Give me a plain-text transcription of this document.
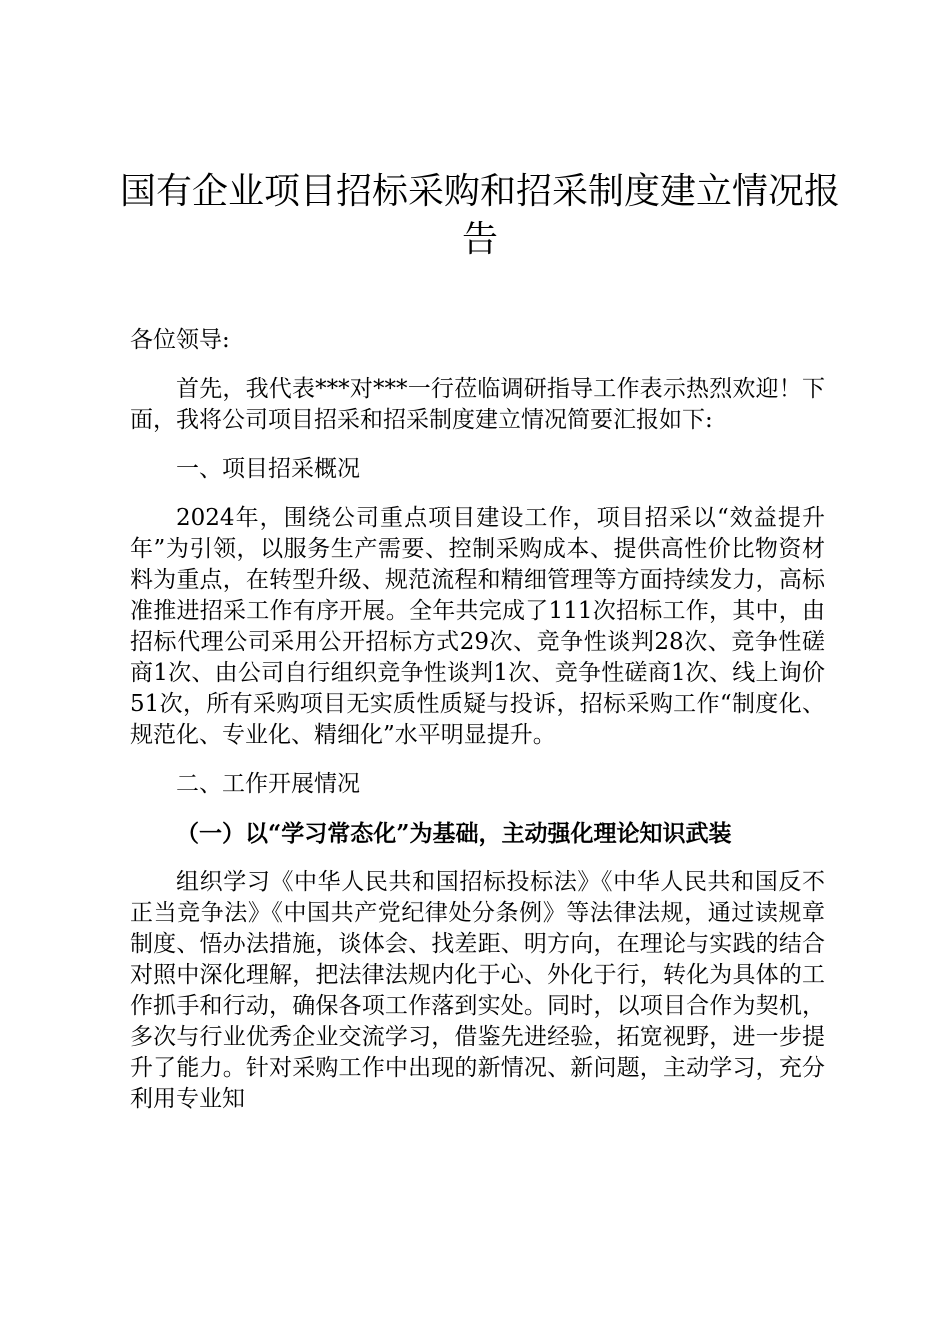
国有企业项目招标采购和招采制度建立情况报告

各位领导:

首先，我代表***对***一行莅临调研指导工作表示热烈欢迎！下面，我将公司项目招采和招采制度建立情况简要汇报如下:

一、项目招采概况

2024年，围绕公司重点项目建设工作，项目招采以“效益提升年”为引领，以服务生产需要、控制采购成本、提供高性价比物资材料为重点，在转型升级、规范流程和精细管理等方面持续发力，高标准推进招采工作有序开展。全年共完成了111次招标工作，其中，由招标代理公司采用公开招标方式29次、竞争性谈判28次、竞争性磋商1次、由公司自行组织竞争性谈判1次、竞争性磋商1次、线上询价51次，所有采购项目无实质性质疑与投诉，招标采购工作“制度化、规范化、专业化、精细化”水平明显提升。

二、工作开展情况

（一）以“学习常态化”为基础，主动强化理论知识武装

组织学习《中华人民共和国招标投标法》《中华人民共和国反不正当竞争法》《中国共产党纪律处分条例》等法律法规，通过读规章制度、悟办法措施，谈体会、找差距、明方向，在理论与实践的结合对照中深化理解，把法律法规内化于心、外化于行，转化为具体的工作抓手和行动，确保各项工作落到实处。同时，以项目合作为契机，多次与行业优秀企业交流学习，借鉴先进经验，拓宽视野，进一步提升了能力。针对采购工作中出现的新情况、新问题，主动学习，充分利用专业知
